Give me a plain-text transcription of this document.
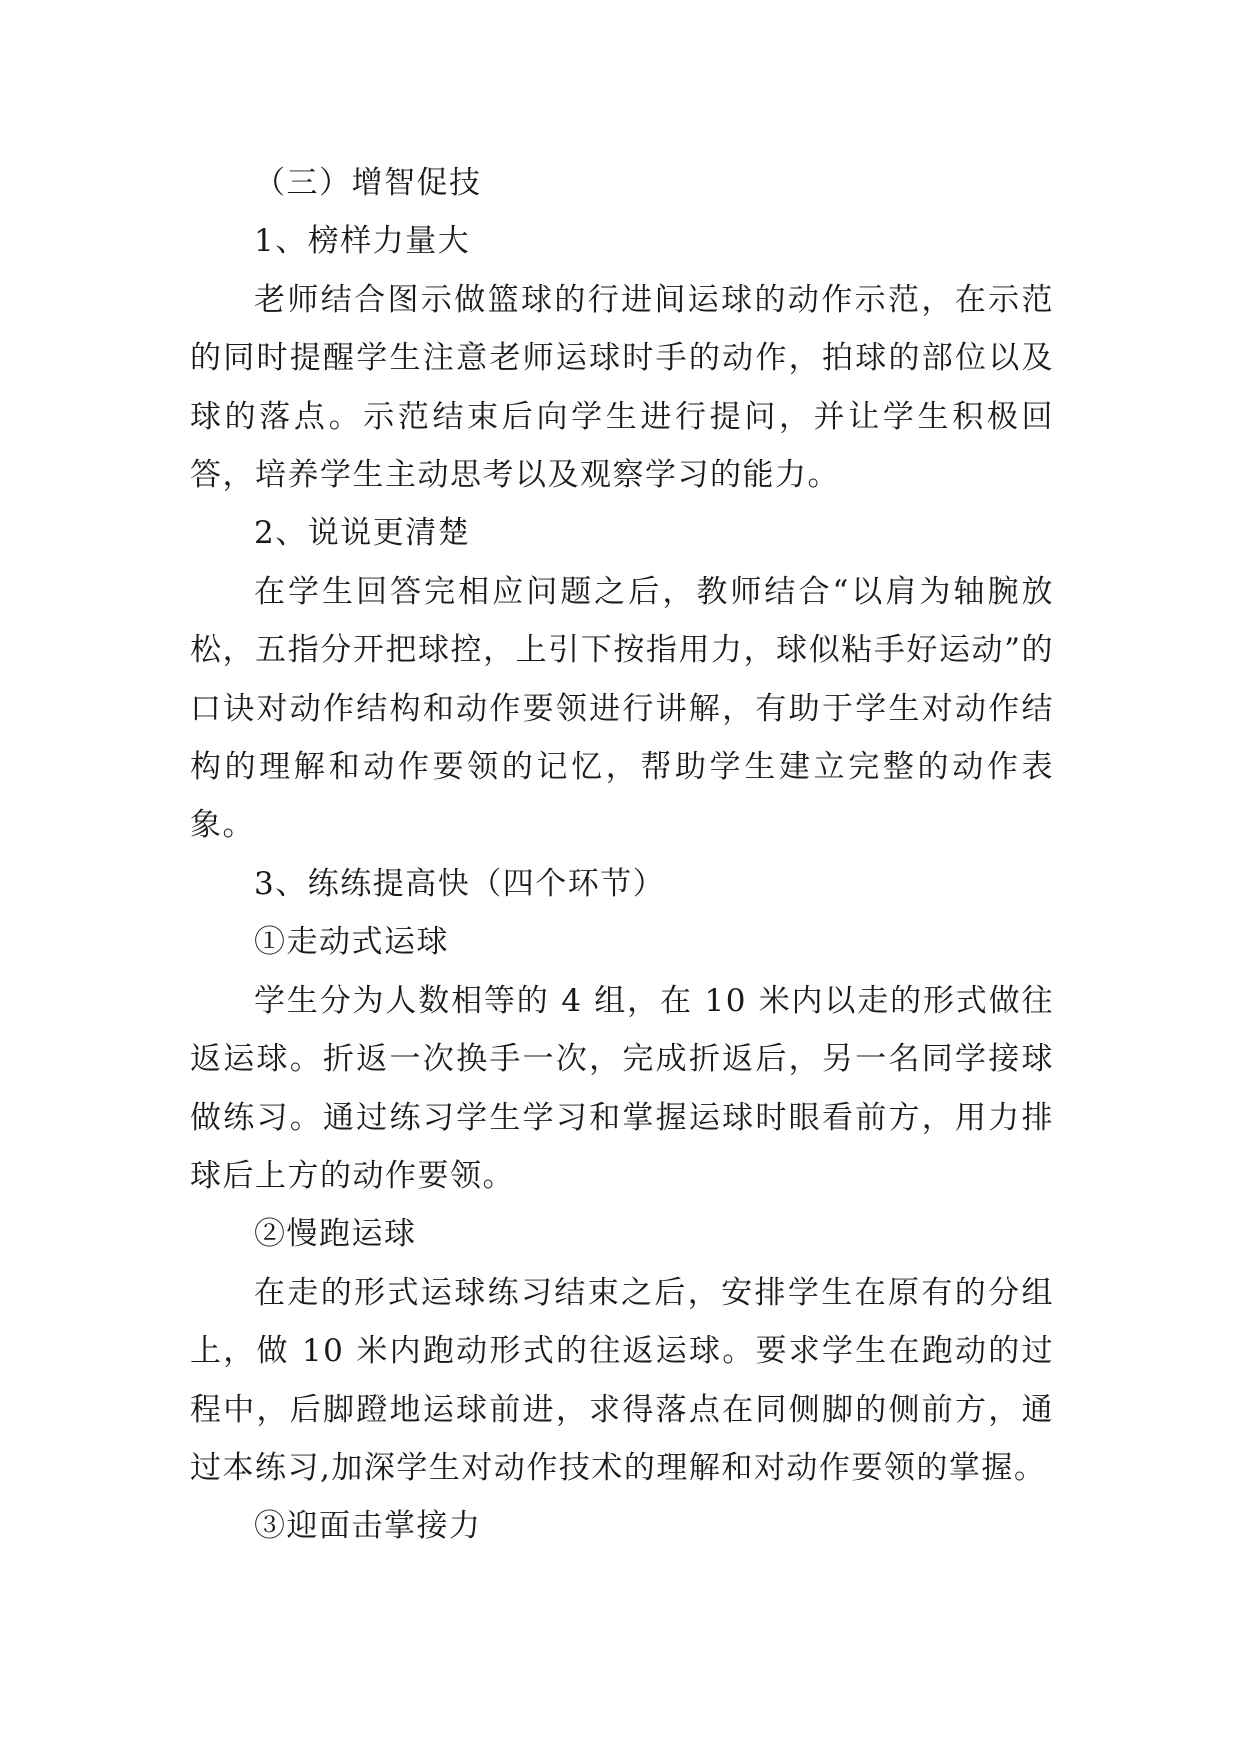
（三）增智促技

1、榜样力量大

老师结合图示做篮球的行进间运球的动作示范，在示范的同时提醒学生注意老师运球时手的动作，拍球的部位以及球的落点。示范结束后向学生进行提问，并让学生积极回答，培养学生主动思考以及观察学习的能力。

2、说说更清楚

在学生回答完相应问题之后，教师结合“以肩为轴腕放松，五指分开把球控，上引下按指用力，球似粘手好运动”的口诀对动作结构和动作要领进行讲解，有助于学生对动作结构的理解和动作要领的记忆，帮助学生建立完整的动作表象。

3、练练提高快（四个环节）

①走动式运球

学生分为人数相等的 4 组，在 10 米内以走的形式做往返运球。折返一次换手一次，完成折返后，另一名同学接球做练习。通过练习学生学习和掌握运球时眼看前方，用力排球后上方的动作要领。

②慢跑运球

在走的形式运球练习结束之后，安排学生在原有的分组上，做 10 米内跑动形式的往返运球。要求学生在跑动的过程中，后脚蹬地运球前进，求得落点在同侧脚的侧前方，通过本练习,加深学生对动作技术的理解和对动作要领的掌握。

③迎面击掌接力
